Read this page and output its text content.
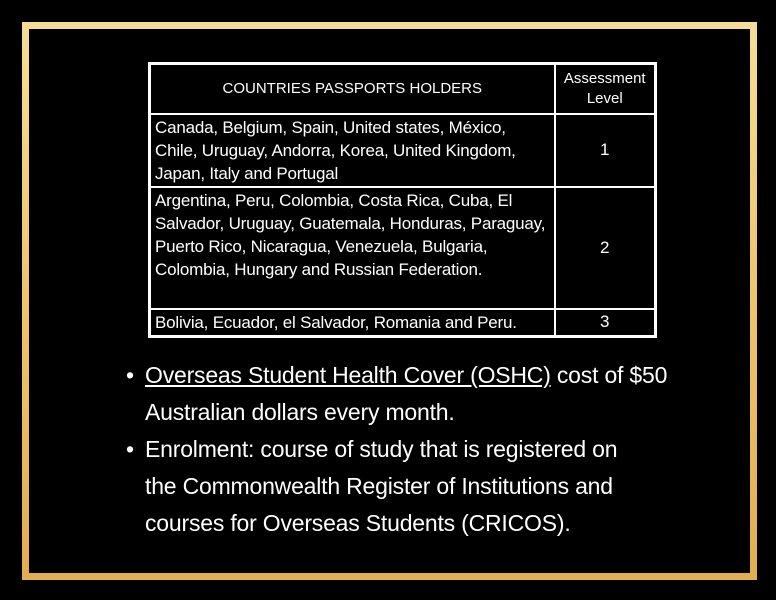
COUNTRIES PASSPORTS HOLDERS	Assessment Level
Canada, Belgium, Spain, United states, México, Chile, Uruguay, Andorra, Korea, United Kingdom, Japan, Italy and Portugal	1
Argentina, Peru, Colombia, Costa Rica, Cuba, El Salvador, Uruguay, Guatemala, Honduras, Paraguay, Puerto Rico, Nicaragua, Venezuela, Bulgaria, Colombia, Hungary and Russian Federation.	2
Bolivia, Ecuador, el Salvador, Romania and Peru.	3
• Overseas Student Health Cover (OSHC) cost of $50
Australian dollars every month.
• Enrolment: course of study that is registered on
the Commonwealth Register of Institutions and
courses for Overseas Students (CRICOS).
